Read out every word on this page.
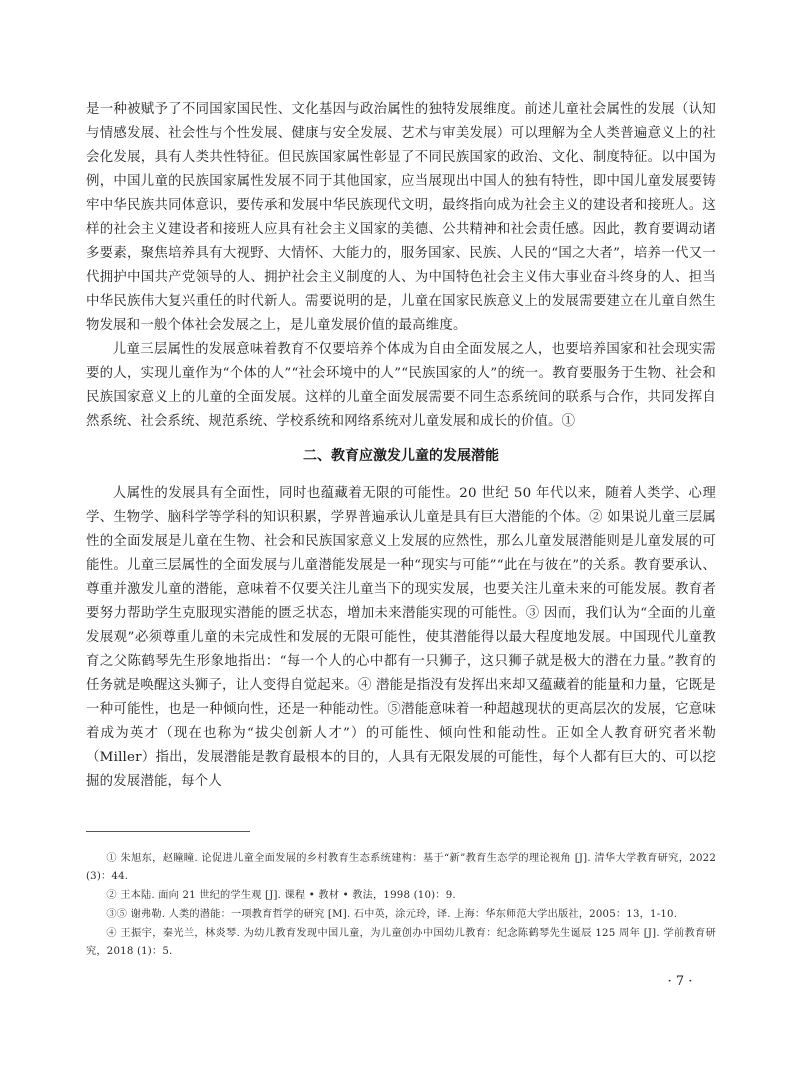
是一种被赋予了不同国家国民性、文化基因与政治属性的独特发展维度。前述儿童社会属性的发展（认知与情感发展、社会性与个性发展、健康与安全发展、艺术与审美发展）可以理解为全人类普遍意义上的社会化发展，具有人类共性特征。但民族国家属性彰显了不同民族国家的政治、文化、制度特征。以中国为例，中国儿童的民族国家属性发展不同于其他国家，应当展现出中国人的独有特性，即中国儿童发展要铸牢中华民族共同体意识，要传承和发展中华民族现代文明，最终指向成为社会主义的建设者和接班人。这样的社会主义建设者和接班人应具有社会主义国家的美德、公共精神和社会责任感。因此，教育要调动诸多要素，聚焦培养具有大视野、大情怀、大能力的，服务国家、民族、人民的“国之大者”，培养一代又一代拥护中国共产党领导的人、拥护社会主义制度的人、为中国特色社会主义伟大事业奋斗终身的人、担当中华民族伟大复兴重任的时代新人。需要说明的是，儿童在国家民族意义上的发展需要建立在儿童自然生物发展和一般个体社会发展之上，是儿童发展价值的最高维度。

儿童三层属性的发展意味着教育不仅要培养个体成为自由全面发展之人，也要培养国家和社会现实需要的人，实现儿童作为“个体的人”“社会环境中的人”“民族国家的人”的统一。教育要服务于生物、社会和民族国家意义上的儿童的全面发展。这样的儿童全面发展需要不同生态系统间的联系与合作，共同发挥自然系统、社会系统、规范系统、学校系统和网络系统对儿童发展和成长的价值。①

二、教育应激发儿童的发展潜能

人属性的发展具有全面性，同时也蕴藏着无限的可能性。20 世纪 50 年代以来，随着人类学、心理学、生物学、脑科学等学科的知识积累，学界普遍承认儿童是具有巨大潜能的个体。② 如果说儿童三层属性的全面发展是儿童在生物、社会和民族国家意义上发展的应然性，那么儿童发展潜能则是儿童发展的可能性。儿童三层属性的全面发展与儿童潜能发展是一种“现实与可能”“此在与彼在”的关系。教育要承认、尊重并激发儿童的潜能，意味着不仅要关注儿童当下的现实发展，也要关注儿童未来的可能发展。教育者要努力帮助学生克服现实潜能的匮乏状态，增加未来潜能实现的可能性。③ 因而，我们认为“全面的儿童发展观”必须尊重儿童的未完成性和发展的无限可能性，使其潜能得以最大程度地发展。中国现代儿童教育之父陈鹤琴先生形象地指出：“每一个人的心中都有一只狮子，这只狮子就是极大的潜在力量。”教育的任务就是唤醒这头狮子，让人变得自觉起来。④ 潜能是指没有发挥出来却又蕴藏着的能量和力量，它既是一种可能性，也是一种倾向性，还是一种能动性。⑤潜能意味着一种超越现状的更高层次的发展，它意味着成为英才（现在也称为“拔尖创新人才”）的可能性、倾向性和能动性。正如全人教育研究者米勒（Miller）指出，发展潜能是教育最根本的目的，人具有无限发展的可能性，每个人都有巨大的、可以挖掘的发展潜能，每个人

① 朱旭东，赵瞳瞳. 论促进儿童全面发展的乡村教育生态系统建构：基于“新”教育生态学的理论视角 [J]. 清华大学教育研究，2022 (3)：44.

② 王本陆. 面向 21 世纪的学生观 [J]. 课程 • 教材 • 教法，1998 (10)：9.

③⑤ 谢弗勒. 人类的潜能：一项教育哲学的研究 [M]. 石中英，涂元玲，译. 上海：华东师范大学出版社，2005：13，1-10.

④ 王振宇，秦光兰，林炎琴. 为幼儿教育发现中国儿童，为儿童创办中国幼儿教育：纪念陈鹤琴先生诞辰 125 周年 [J]. 学前教育研究，2018 (1)：5.

· 7 ·
